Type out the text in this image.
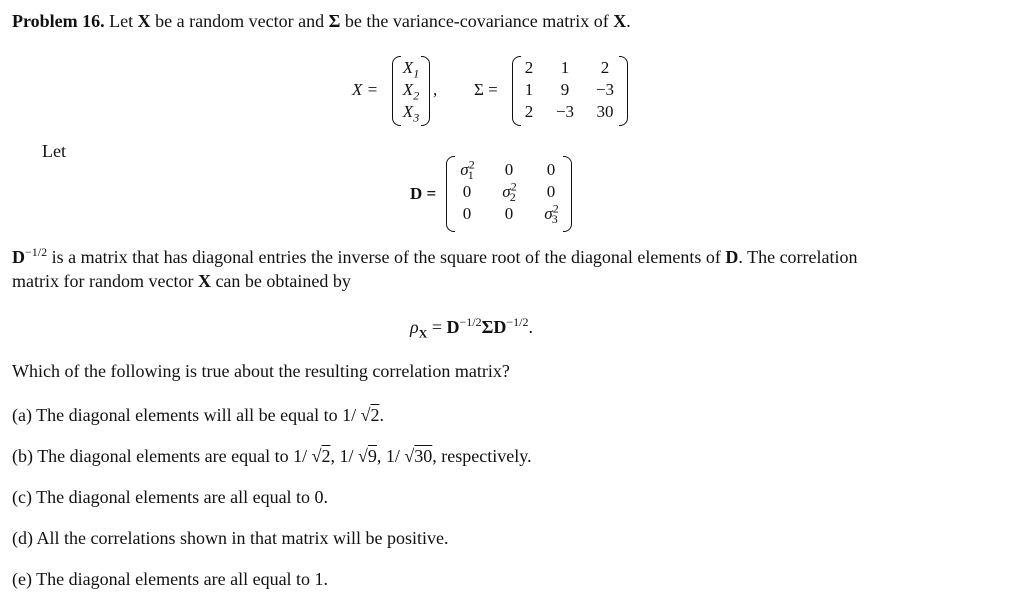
Problem 16. Let X be a random vector and Σ be the variance-covariance matrix of X.
X =
$X_1$
$X_2$
$X_3$
, Σ =
2	1	2
1	9	−3
2	−3	30
Let
D =
$\sigma^2_1$	0	0
0	$\sigma^2_2$	0
0	0	$\sigma^2_3$
$D^{-1/2}$ is a matrix that has diagonal entries the inverse of the square root of the diagonal elements of D. The correlation
matrix for random vector X can be obtained by
$\rho_X = D^{-1/2}\Sigma D^{-1/2}$.
Which of the following is true about the resulting correlation matrix?
(a) The diagonal elements will all be equal to 1/ √2.
(b) The diagonal elements are equal to 1/ √2, 1/ √9, 1/ √30, respectively.
(c) The diagonal elements are all equal to 0.
(d) All the correlations shown in that matrix will be positive.
(e) The diagonal elements are all equal to 1.
